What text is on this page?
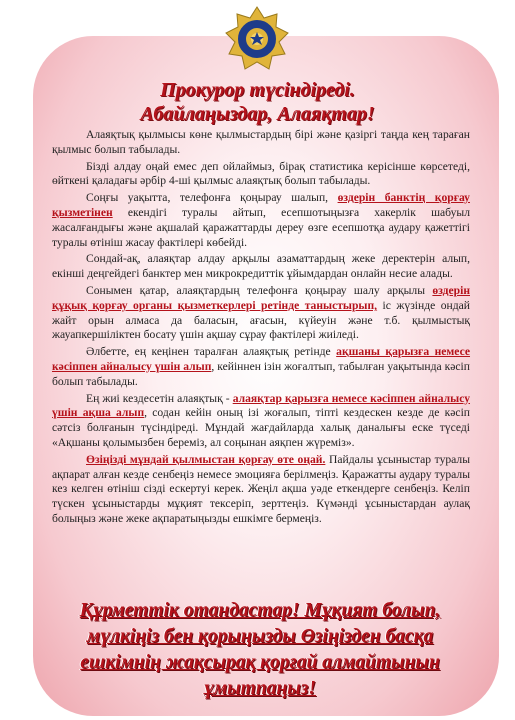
Прокурор түсіндіреді.
Абайлаңыздар, Алаяқтар!

Алаяқтық қылмысы көне қылмыстардың бірі және қазіргі таңда кең тараған қылмыс болып табылады.

Бізді алдау оңай емес деп ойлаймыз, бірақ статистика керісінше көрсетеді, өйткені қаладағы әрбір 4-ші қылмыс алаяқтық болып табылады.

Соңғы уақытта, телефонға қоңырау шалып, өздерін банктің қорғау қызметінен екендігі туралы айтып, есепшотыңызға хакерлік шабуыл жасалғандығы және ақшалай қаражаттарды дереу өзге есепшотқа аудару қажеттігі туралы өтініш жасау фактілері көбейді.

Сондай-ақ, алаяқтар алдау арқылы азаматтардың жеке деректерін алып, екінші деңгейдегі банктер мен микрокредиттік ұйымдардан онлайн несие алады.

Сонымен қатар, алаяқтардың телефонға қоңырау шалу арқылы өздерін құқық қорғау органы қызметкерлері ретінде таныстырып, іс жүзінде ондай жайт орын алмаса да баласын, ағасын, күйеуін және т.б. қылмыстық жауапкершіліктен босату үшін ақшау сұрау фактілері жиіледі.

Әлбетте, ең кеңінен таралған алаяқтық ретінде ақшаны қарызға немесе кәсіппен айналысу үшін алып, кейіннен ізін жоғалтып, табылған уақытында кәсіп болып табылады.

Ең жиі кездесетін алаяқтық - алаяқтар қарызға немесе кәсіппен айналысу үшін ақша алып, содан кейін оның ізі жоғалып, тіпті кездескен кезде де кәсіп сәтсіз болғанын түсіндіреді. Мұндай жағдайларда халық даналығы еске түседі «Ақшаны қолымызбен береміз, ал соңынан аяқпен жүреміз».

Өзіңізді мұндай қылмыстан қорғау өте оңай. Пайдалы ұсыныстар туралы ақпарат алған кезде сенбеңіз немесе эмоцияға берілмеңіз. Қаражатты аудару туралы кез келген өтініш сізді ескертуі керек. Жеңіл ақша уәде еткендерге сенбеңіз. Келіп түскен ұсыныстарды мұқият тексеріп, зерттеңіз. Күмәнді ұсыныстардан аулақ болыңыз және жеке ақпаратыңызды ешкімге бермеңіз.

Құрметтік отандастар! Мұқият болып, мүлкіңіз бен қорыңызды Өзіңізден басқа ешкімнің жақсырақ қорғай алмайтынын ұмытпаңыз!
